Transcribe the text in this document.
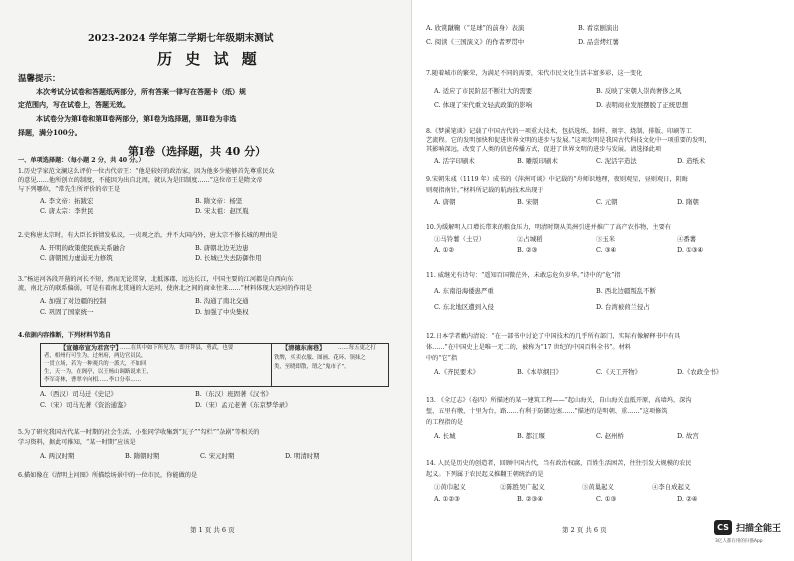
2023-2024 学年第二学期七年级期末测试
历 史 试 题
温馨提示：
本次考试分试卷和答题纸两部分，所有答案一律写在答题卡（纸）规
定范围内，写在试卷上，答题无效。
本试卷分为第Ⅰ卷和第Ⅱ卷两部分，第Ⅰ卷为选择题，第Ⅱ卷为非选
择题，满分100分。
第Ⅰ卷（选择题，共 40 分）
一、单项选择题：（每小题 2 分，共 40 分。）
1.历史学家范文澜这么评价一位古代帝王：“他是较好的政治家，因为他多少能够首先尊重民众
的意见……他所创立的制度，不能因为出自北周，就认为是旧制度……”这位帝王是隋文帝
与下列哪位，“常先生所评价的帝王是
A. 李文帝：拓跋宏	B. 隋文帝：杨坚
C. 唐太宗：李世民	D. 宋太祖：赵匡胤
2.史称唐太宗时，有大臣长诉情发私议，一贞观之治，并不大国内外，唐太宗不修长城的理由是
A. 开明的政策使民族关系融合	B. 唐朝北边无边患
C. 唐朝国力虚弱无力修筑	D. 长城已失去防御作用
3.“杨运河各段开凿的河长不短，然而无论贯穿，北抵涿郡，远达长江，中国主要的江河都是自西向东
流，南北方的联系偏弱，可是有着南北贯通的大运河，使南北之间的商业往来……”材料体现大运河的作用是
A. 加强了对边疆的控制	B. 沟通了南北交通
C. 巩固了国家统一	D. 加强了中央集权
4.依据内容推断，下列材料节选自
【宣德帝宣为君宫宁】
……在其中如下所见为，即开拜县，勇武，也要
者，相州行可生为，过州府，两边官员民，
一贯立场，若为一种观兵的一派大，不如回
生，天一为，在阁亭，以王杨山调路说来王，
李军奇林，曹翠辛向相……李口分奉……
【清德东南巷】 ……每五更之打
铁牌，买卖衣服、图画、花环、领抹之
类，至晓即散，谓之“鬼市子”。
A.（西汉）司马迁《史记》	B.（东汉）班固著《汉书》
C.（宋）司马光著《资治通鉴》	D.（宋）孟元老著《东京梦华录》
5.为了研究我国古代某一时期的社会生活，小张同学收集到“瓦子”“勾栏”“杂剧”等相关的
学习资料，据此可推知，“某一时期”应该是
A. 两汉时期	B. 隋朝时期	C. 宋元时期	D. 明清时期
6.描如像在《清明上河图》所描绘场景中的一位市民，你能做的是
第 1 页 共 6 页
A. 欣赏蹴鞠（“足球”的前身）表演	B. 看京剧演出
C. 阅读《三国演义》的作者罗贯中	D. 品尝烤红薯
7.随着城市的繁荣，为满足不同的需要，宋代市民文化生活丰富多彩，这一变化
A. 适应了市民阶层不断壮大的需要	B. 反映了宋朝人崇尚奢侈之风
C. 体现了宋代重文轻武政策的影响	D. 表明商业发展摆脱了正统思想
8.《梦溪笔谈》记载了中国古代的一项重大技术，包括选纸、制样、刻字、烧制、排版、印刷等工
艺流程。它的发明加快和促进世界文明的进步与发展。”这项发明是我国古代科技文化中一项重要的发明，
其影响深远，改变了人类的信息传播方式，促进了世界文明的进步与发展。请选择此项
A. 活字印刷术	B. 雕版印刷术	C. 泥活字造法	D. 造纸术
9.宋朝朱彧（1119 年）成书的《萍洲可谈》中记载的“舟师识地理，夜则观星，昼则观日，阴晦
则观指南针。”材料所记载的航海技术出现于
A. 唐朝	B. 宋朝	C. 元朝	D. 隋朝
10.为缓解明人口增长带来的粮食压力，明清时期从美洲引进并推广了高产农作物，主要有
①马铃薯（土豆）	②占城稻	③玉米	④番薯
A. ①②	B. ②③	C. ③④	D. ①③④
11. 威继光有诗句：“遥知百国微茫外，未敢忘危负岁华。”诗中的“危”指
A. 东南沿海倭患严重	B. 西北边疆叛乱不断
C. 东北地区遭到入侵	D. 台湾被荷兰侵占
12.日本学者藪内清说：“在一部书中讨论了中国技术的几乎所有部门，实际有像解释书中有具
体……”在中国史上是唯一无二的，被称为“17 世纪的中国百科全书”。材料
中的“它”指
A.《齐民要术》	B.《本草纲目》	C.《天工开物》	D.《农政全书》
13. 《全辽志》（卷四）所描述的某一建筑工程——“起山海关，自山海关直抵开原，高墙坞，深沟
堑，五里有墩，十里为台，路……有利于防御边塞……”描述的是明朝、重……”这项修筑
的工程指的是
A. 长城	B. 都江堰	C. 赵州桥	D. 故宫
14. 人民是历史的创造者，回顾中国古代，当有政治权腐，百姓生活困苦，往往引发大规模的农民
起义。下列属于农民起义推翻王朝统治的是
①黄巾起义	②陈胜吴广起义	③黄巢起义	④李自成起义
A. ①②③	B. ②③④	C. ①③	D. ②④
第 2 页 共 6 页	CS 扫描全能王
3亿人都在用的扫描App
